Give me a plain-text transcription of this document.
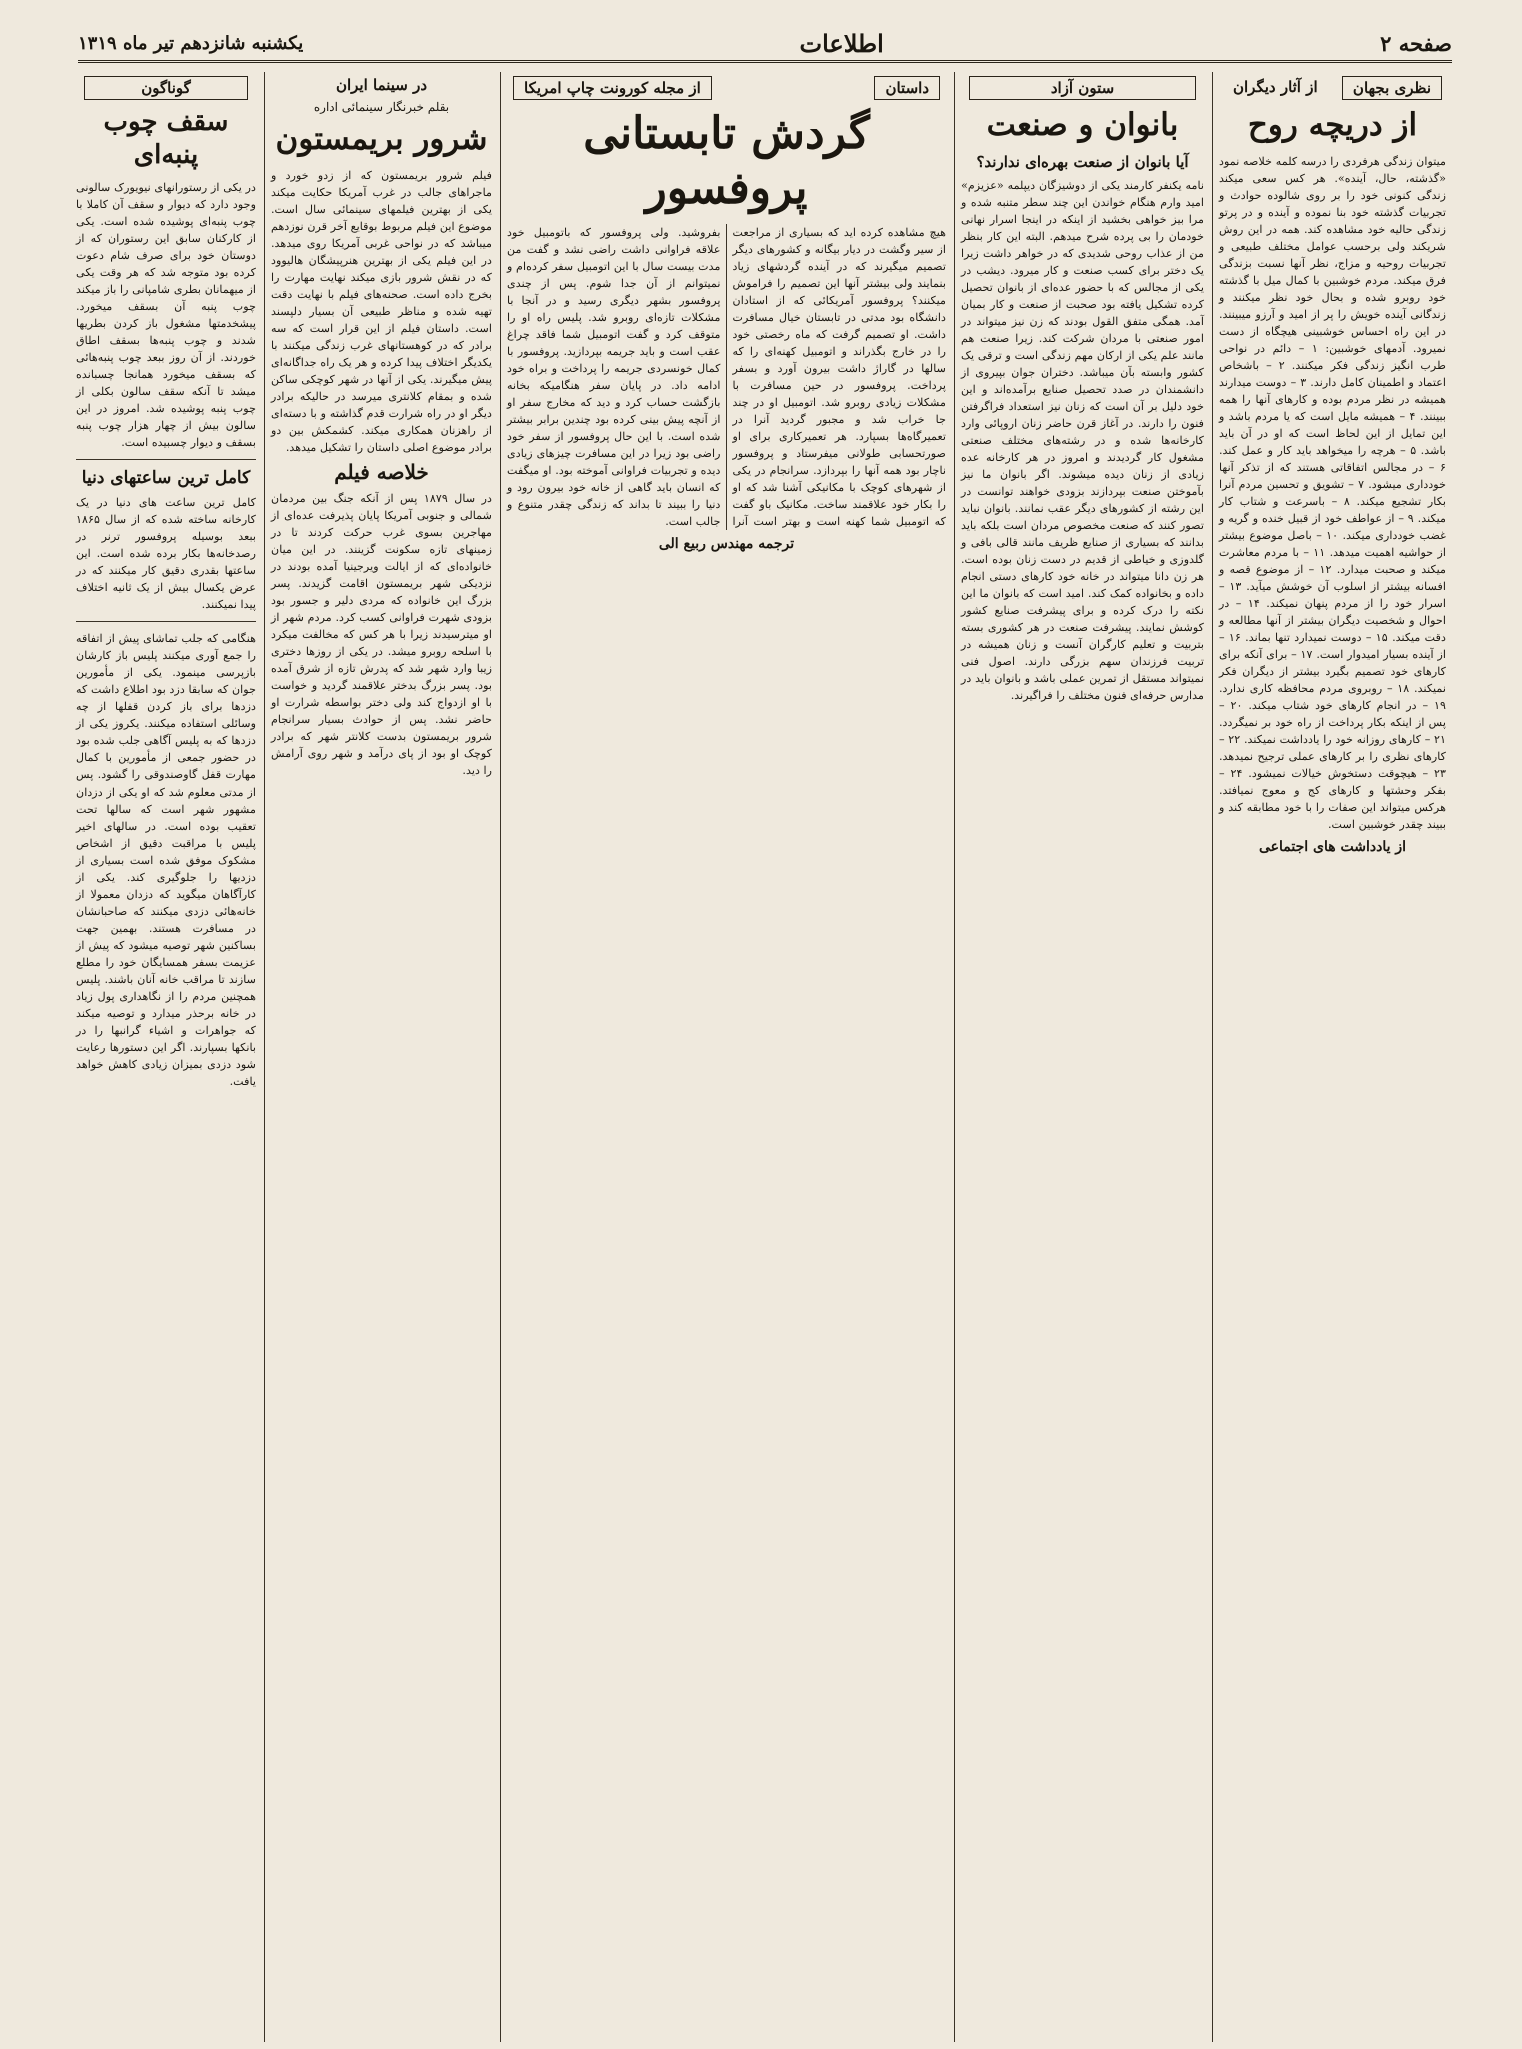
صفحه ۲
اطلاعات
یکشنبه شانزدهم تیر ماه ۱۳۱۹
نظری بجهان
از آثار دیگران
از دریچه روح

میتوان زندگی هرفردی را درسه کلمه خلاصه نمود «گذشته، حال، آینده». هر کس سعی میکند زندگی کنونی خود را بر روی شالوده حوادث و تجربیات گذشته خود بنا نموده و آینده و در پرتو زندگی حالیه خود مشاهده کند. همه در این روش شریکند ولی برحسب عوامل مختلف طبیعی و تجربیات روحیه و مزاج، نظر آنها نسبت بزندگی فرق میکند. مردم خوشبین با کمال میل با گذشته خود روبرو شده و بحال خود نظر میکنند و زندگانی آینده خویش را پر از امید و آرزو میبینند. در این راه احساس خوشبینی هیچگاه از دست نمیرود. آدمهای خوشبین: ۱ – دائم در نواحی طرب انگیز زندگی فکر میکنند. ۲ – باشخاص اعتماد و اطمینان کامل دارند. ۳ – دوست میدارند همیشه در نظر مردم بوده و کارهای آنها را همه ببینند. ۴ – همیشه مایل است که یا مردم باشد و این تمایل از این لحاظ است که او در آن باید باشد. ۵ – هرچه را میخواهد باید کار و عمل کند. ۶ – در مجالس اتفاقاتی هستند که از تذکر آنها خودداری میشود. ۷ – تشویق و تحسین مردم آنرا بکار تشجیع میکند. ۸ – باسرعت و شتاب کار میکند. ۹ – از عواطف خود از قبیل خنده و گریه و غضب خودداری میکند. ۱۰ – باصل موضوع بیشتر از حواشیه اهمیت میدهد. ۱۱ – با مردم معاشرت میکند و صحبت میدارد. ۱۲ – از موضوع قصه و افسانه بیشتر از اسلوب آن خوشش میآید. ۱۳ – اسرار خود را از مردم پنهان نمیکند. ۱۴ – در احوال و شخصیت دیگران بیشتر از آنها مطالعه و دقت میکند. ۱۵ – دوست نمیدارد تنها بماند. ۱۶ – از آینده بسیار امیدوار است. ۱۷ – برای آنکه برای کارهای خود تصمیم بگیرد بیشتر از دیگران فکر نمیکند. ۱۸ – روبروی مردم محافظه کاری ندارد. ۱۹ – در انجام کارهای خود شتاب میکند. ۲۰ – پس از اینکه بکار پرداخت از راه خود بر نمیگردد. ۲۱ – کارهای روزانه خود را یادداشت نمیکند. ۲۲ – کارهای نظری را بر کارهای عملی ترجیح نمیدهد. ۲۳ – هیچوقت دستخوش خیالات نمیشود. ۲۴ – بفکر وحشتها و کارهای کج و معوج نمیافتد. هرکس میتواند این صفات را با خود مطابقه کند و ببیند چقدر خوشبین است.

از یادداشت های اجتماعی
ستون آزاد
بانوان و صنعت
آیا بانوان از صنعت بهره‌ای ندارند؟

نامه یکنفر کارمند یکی از دوشیزگان دیپلمه «عزیزم» امید وارم هنگام خواندن این چند سطر متنبه شده و مرا بیز خواهی بخشید از اینکه در اینجا اسرار نهانی خودمان را بی پرده شرح میدهم. البته این کار بنظر من از عذاب روحی شدیدی که در خواهر داشت زیرا یک دختر برای کسب صنعت و کار میرود. دیشب در یکی از مجالس که با حضور عده‌ای از بانوان تحصیل کرده تشکیل یافته بود صحبت از صنعت و کار بمیان آمد. همگی متفق القول بودند که زن نیز میتواند در امور صنعتی با مردان شرکت کند. زیرا صنعت هم مانند علم یکی از ارکان مهم زندگی است و ترقی یک کشور وابسته بآن میباشد. دختران جوان بپیروی از دانشمندان در صدد تحصیل صنایع برآمده‌اند و این خود دلیل بر آن است که زنان نیز استعداد فراگرفتن فنون را دارند. در آغاز قرن حاضر زنان اروپائی وارد کارخانه‌ها شده و در رشته‌های مختلف صنعتی مشغول کار گردیدند و امروز در هر کارخانه عده زیادی از زنان دیده میشوند. اگر بانوان ما نیز بآموختن صنعت بپردازند بزودی خواهند توانست در این رشته از کشورهای دیگر عقب نمانند. بانوان نباید تصور کنند که صنعت مخصوص مردان است بلکه باید بدانند که بسیاری از صنایع ظریف مانند قالی بافی و گلدوزی و خیاطی از قدیم در دست زنان بوده است. هر زن دانا میتواند در خانه خود کارهای دستی انجام داده و بخانواده کمک کند. امید است که بانوان ما این نکته را درک کرده و برای پیشرفت صنایع کشور کوشش نمایند. پیشرفت صنعت در هر کشوری بسته بتربیت و تعلیم کارگران آنست و زنان همیشه در تربیت فرزندان سهم بزرگی دارند. اصول فنی نمیتواند مستقل از تمرین عملی باشد و بانوان باید در مدارس حرفه‌ای فنون مختلف را فراگیرند.

داستان
از مجله کورونت چاپ امریکا
گردش تابستانی پروفسور

هیچ مشاهده کرده اید که بسیاری از مراجعت از سیر وگشت در دیار بیگانه و کشورهای دیگر تصمیم میگیرند که در آینده گردشهای زیاد بنمایند ولی بیشتر آنها این تصمیم را فراموش میکنند؟ پروفسور آمریکائی که از استادان دانشگاه بود مدتی در تابستان خیال مسافرت داشت. او تصمیم گرفت که ماه رخصتی خود را در خارج بگذراند و اتومبیل کهنه‌ای را که سالها در گاراژ داشت بیرون آورد و بسفر پرداخت. پروفسور در حین مسافرت با مشکلات زیادی روبرو شد. اتومبیل او در چند جا خراب شد و مجبور گردید آنرا در تعمیرگاه‌ها بسپارد. هر تعمیرکاری برای او صورتحسابی طولانی میفرستاد و پروفسور ناچار بود همه آنها را بپردازد. سرانجام در یکی از شهرهای کوچک با مکانیکی آشنا شد که او را بکار خود علاقمند ساخت. مکانیک باو گفت که اتومبیل شما کهنه است و بهتر است آنرا بفروشید. ولی پروفسور که باتومبیل خود علاقه فراوانی داشت راضی نشد و گفت من مدت بیست سال با این اتومبیل سفر کرده‌ام و نمیتوانم از آن جدا شوم. پس از چندی پروفسور بشهر دیگری رسید و در آنجا با مشکلات تازه‌ای روبرو شد. پلیس راه او را متوقف کرد و گفت اتومبیل شما فاقد چراغ عقب است و باید جریمه بپردازید. پروفسور با کمال خونسردی جریمه را پرداخت و براه خود ادامه داد. در پایان سفر هنگامیکه بخانه بازگشت حساب کرد و دید که مخارج سفر او از آنچه پیش بینی کرده بود چندین برابر بیشتر شده است. با این حال پروفسور از سفر خود راضی بود زیرا در این مسافرت چیزهای زیادی دیده و تجربیات فراوانی آموخته بود. او میگفت که انسان باید گاهی از خانه خود بیرون رود و دنیا را ببیند تا بداند که زندگی چقدر متنوع و جالب است.

ترجمه مهندس ربیع الی
در سینما ایران
بقلم خبرنگار سینمائی اداره
شرور بریمستون

فیلم شرور بریمستون که از زدو خورد و ماجراهای جالب در غرب آمریکا حکایت میکند یکی از بهترین فیلمهای سینمائی سال است. موضوع این فیلم مربوط بوقایع آخر قرن نوزدهم میباشد که در نواحی غربی آمریکا روی میدهد. در این فیلم یکی از بهترین هنرپیشگان هالیوود که در نقش شرور بازی میکند نهایت مهارت را بخرج داده است. صحنه‌های فیلم با نهایت دقت تهیه شده و مناظر طبیعی آن بسیار دلپسند است. داستان فیلم از این قرار است که سه برادر که در کوهستانهای غرب زندگی میکنند با یکدیگر اختلاف پیدا کرده و هر یک راه جداگانه‌ای پیش میگیرند. یکی از آنها در شهر کوچکی ساکن شده و بمقام کلانتری میرسد در حالیکه برادر دیگر او در راه شرارت قدم گذاشته و با دسته‌ای از راهزنان همکاری میکند. کشمکش بین دو برادر موضوع اصلی داستان را تشکیل میدهد.

خلاصه فیلم

در سال ۱۸۷۹ پس از آنکه جنگ بین مردمان شمالی و جنوبی آمریکا پایان پذیرفت عده‌ای از مهاجرین بسوی غرب حرکت کردند تا در زمینهای تازه سکونت گزینند. در این میان خانواده‌ای که از ایالت ویرجینیا آمده بودند در نزدیکی شهر بریمستون اقامت گزیدند. پسر بزرگ این خانواده که مردی دلیر و جسور بود بزودی شهرت فراوانی کسب کرد. مردم شهر از او میترسیدند زیرا با هر کس که مخالفت میکرد با اسلحه روبرو میشد. در یکی از روزها دختری زیبا وارد شهر شد که پدرش تازه از شرق آمده بود. پسر بزرگ بدختر علاقمند گردید و خواست با او ازدواج کند ولی دختر بواسطه شرارت او حاضر نشد. پس از حوادث بسیار سرانجام شرور بریمستون بدست کلانتر شهر که برادر کوچک او بود از پای درآمد و شهر روی آرامش را دید.

گوناگون
سقف چوب پنبه‌ای

در یکی از رستورانهای نیویورک سالونی وجود دارد که دیوار و سقف آن کاملا با چوب پنبه‌ای پوشیده شده است. یکی از کارکنان سابق این رستوران که از دوستان خود برای صرف شام دعوت کرده بود متوجه شد که هر وقت یکی از میهمانان بطری شامپانی را باز میکند چوب پنبه آن بسقف میخورد. پیشخدمتها مشغول باز کردن بطریها شدند و چوب پنبه‌ها بسقف اطاق خوردند. از آن روز ببعد چوب پنبه‌هائی که بسقف میخورد همانجا چسبانده میشد تا آنکه سقف سالون بکلی از چوب پنبه پوشیده شد. امروز در این سالون بیش از چهار هزار چوب پنبه بسقف و دیوار چسبیده است.

کامل ترین ساعتهای دنیا

کامل ترین ساعت های دنیا در یک کارخانه ساخته شده که از سال ۱۸۶۵ ببعد بوسیله پروفسور ترنر در رصدخانه‌ها بکار برده شده است. این ساعتها بقدری دقیق کار میکنند که در عرض یکسال بیش از یک ثانیه اختلاف پیدا نمیکنند.

هنگامی که جلب تماشای پیش از اتفاقه را جمع آوری میکنند پلیس باز کارشان بازپرسی مینمود. یکی از مأمورین جوان که سابقا دزد بود اطلاع داشت که دزدها برای باز کردن قفلها از چه وسائلی استفاده میکنند. یکروز یکی از دزدها که به پلیس آگاهی جلب شده بود در حضور جمعی از مأمورین با کمال مهارت قفل گاوصندوقی را گشود. پس از مدتی معلوم شد که او یکی از دزدان مشهور شهر است که سالها تحت تعقیب بوده است. در سالهای اخیر پلیس با مراقبت دقیق از اشخاص مشکوک موفق شده است بسیاری از دزدیها را جلوگیری کند. یکی از کارآگاهان میگوید که دزدان معمولا از خانه‌هائی دزدی میکنند که صاحبانشان در مسافرت هستند. بهمین جهت بساکنین شهر توصیه میشود که پیش از عزیمت بسفر همسایگان خود را مطلع سازند تا مراقب خانه آنان باشند. پلیس همچنین مردم را از نگاهداری پول زیاد در خانه برحذر میدارد و توصیه میکند که جواهرات و اشیاء گرانبها را در بانکها بسپارند. اگر این دستورها رعایت شود دزدی بمیزان زیادی کاهش خواهد یافت.
